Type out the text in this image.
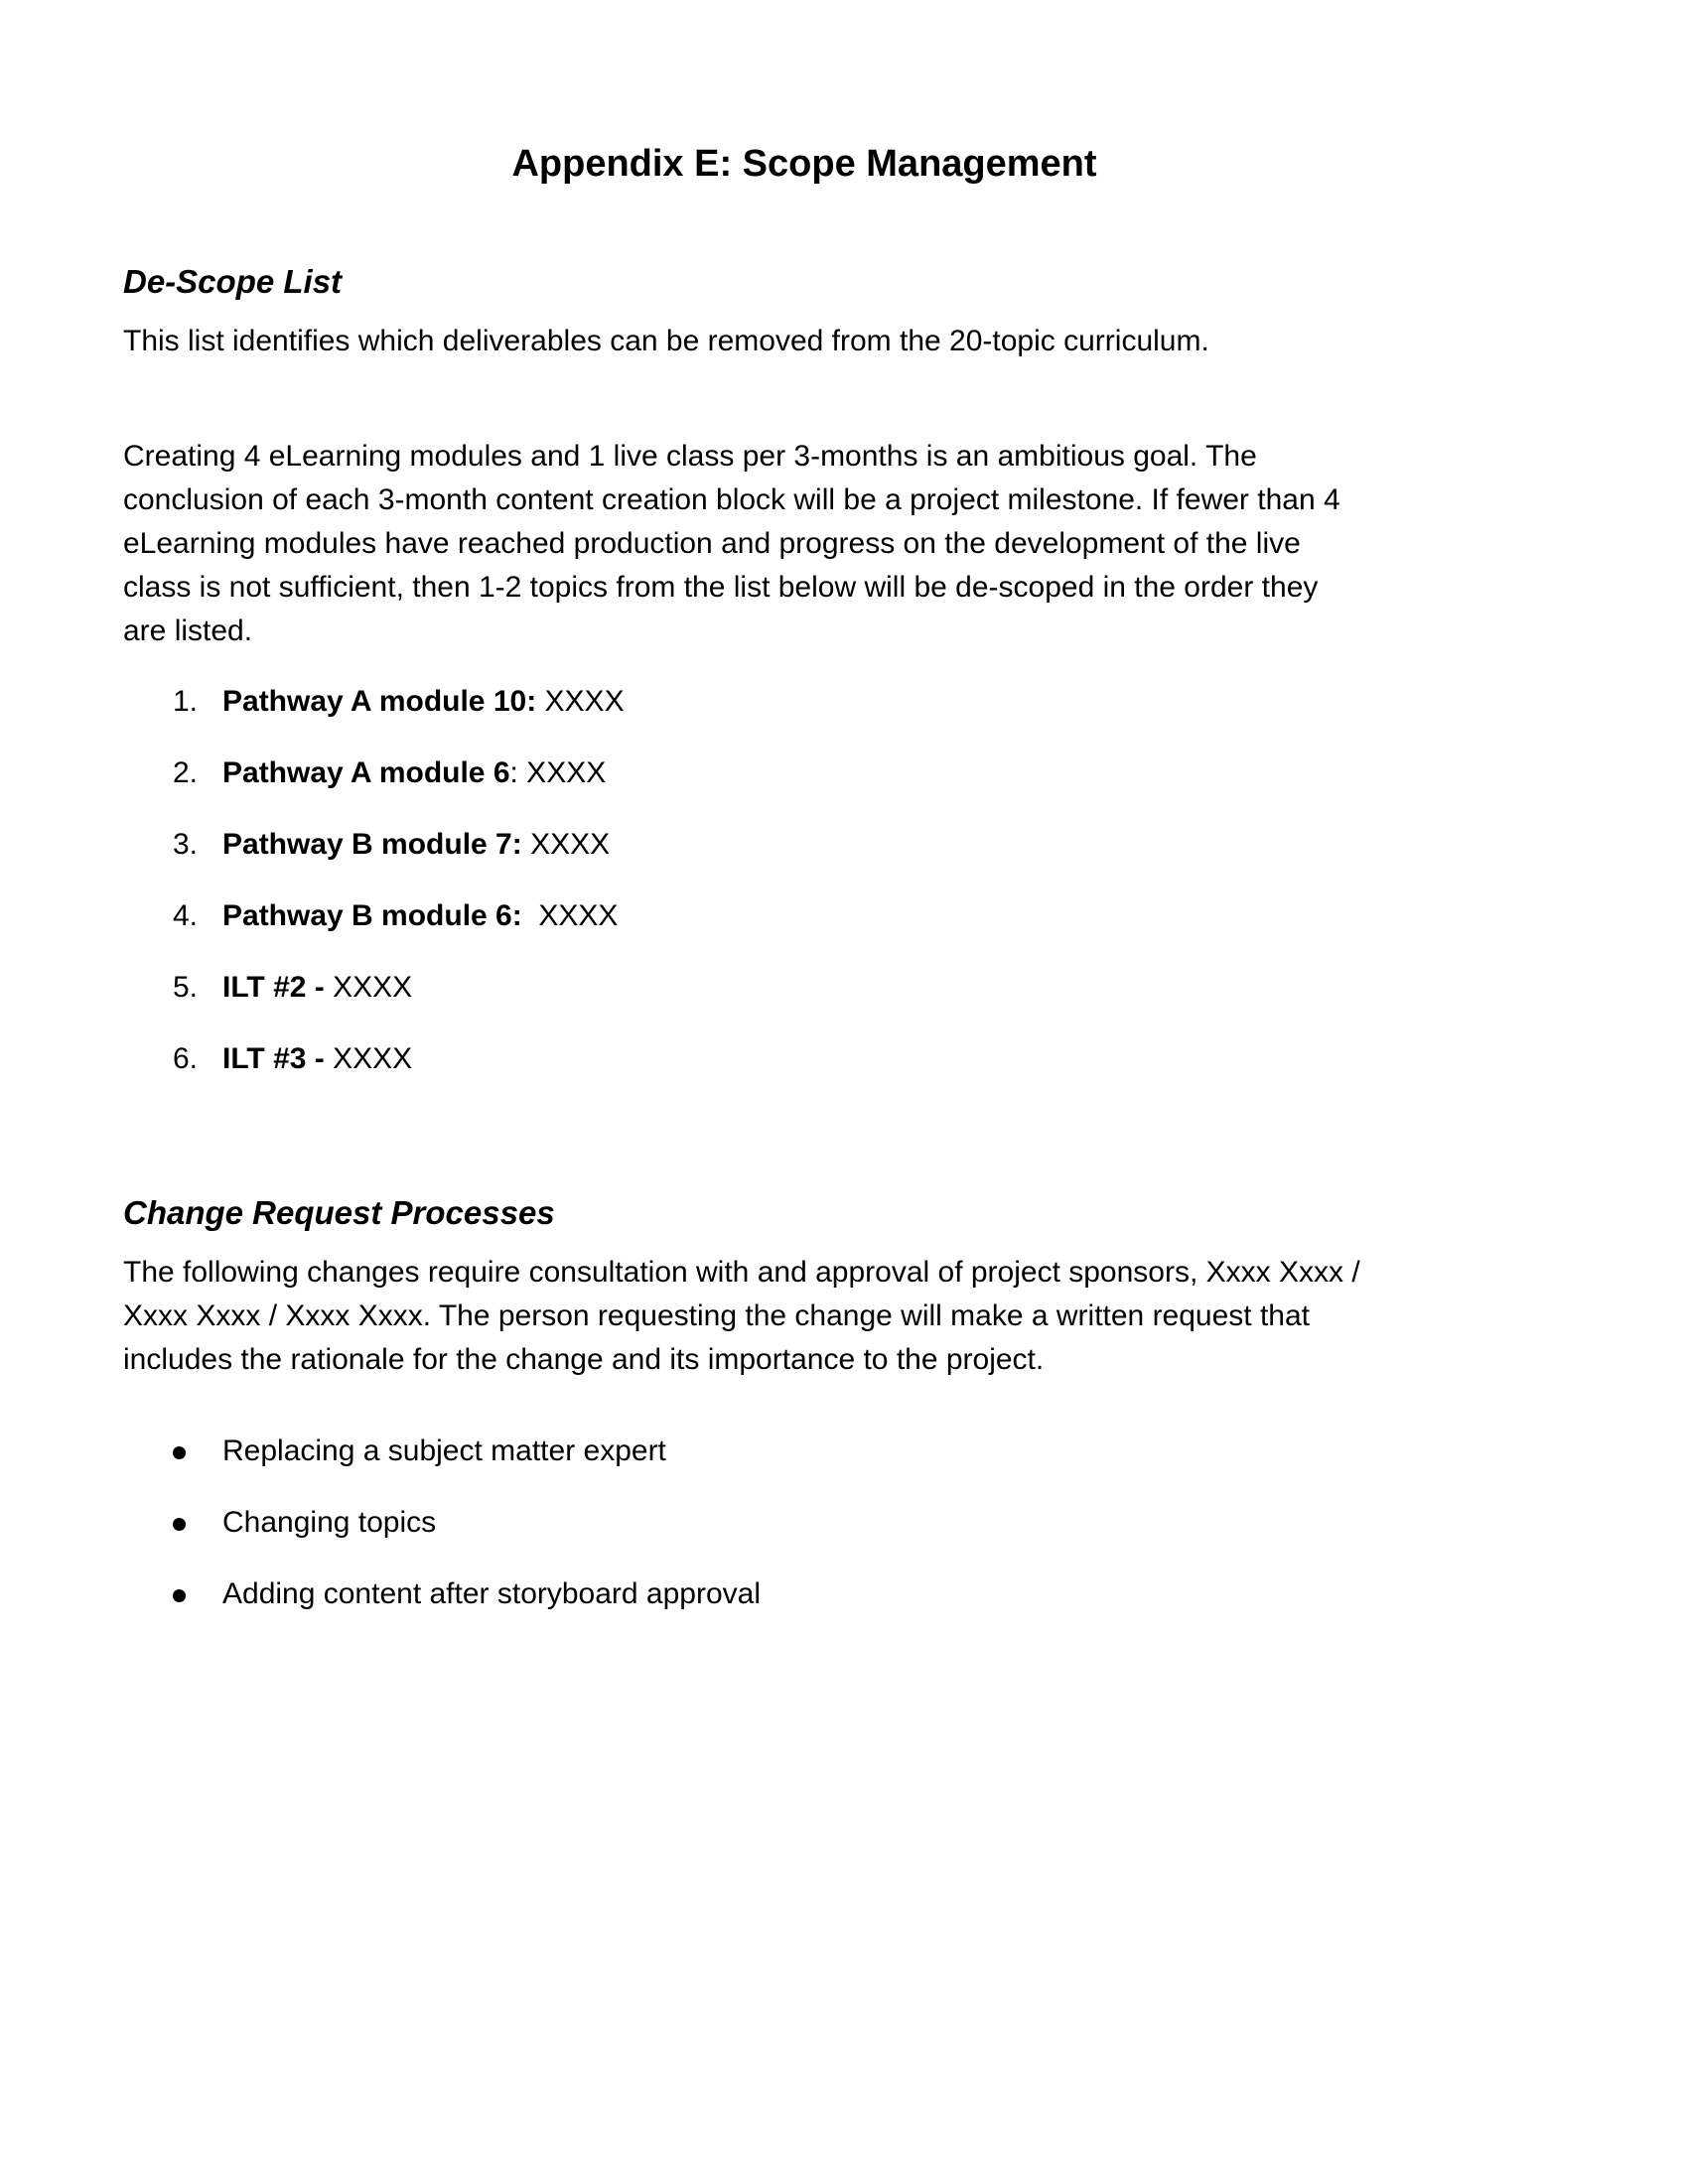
Appendix E: Scope Management
De-Scope List

This list identifies which deliverables can be removed from the 20-topic curriculum.

Creating 4 eLearning modules and 1 live class per 3-months is an ambitious goal. The
conclusion of each 3-month content creation block will be a project milestone. If fewer than 4
eLearning modules have reached production and progress on the development of the live
class is not sufficient, then 1-2 topics from the list below will be de-scoped in the order they
are listed.

1.

Pathway A module 10: XXXX

2.

Pathway A module 6: XXXX

3.

Pathway B module 7: XXXX

4.

Pathway B module 6:  XXXX

5.

ILT #2 - XXXX

6.

ILT #3 - XXXX

Change Request Processes
The following changes require consultation with and approval of project sponsors, Xxxx Xxxx /
Xxxx Xxxx / Xxxx Xxxx. The person requesting the change will make a written request that
includes the rationale for the change and its importance to the project.

Replacing a subject matter expert

Changing topics

Adding content after storyboard approval
